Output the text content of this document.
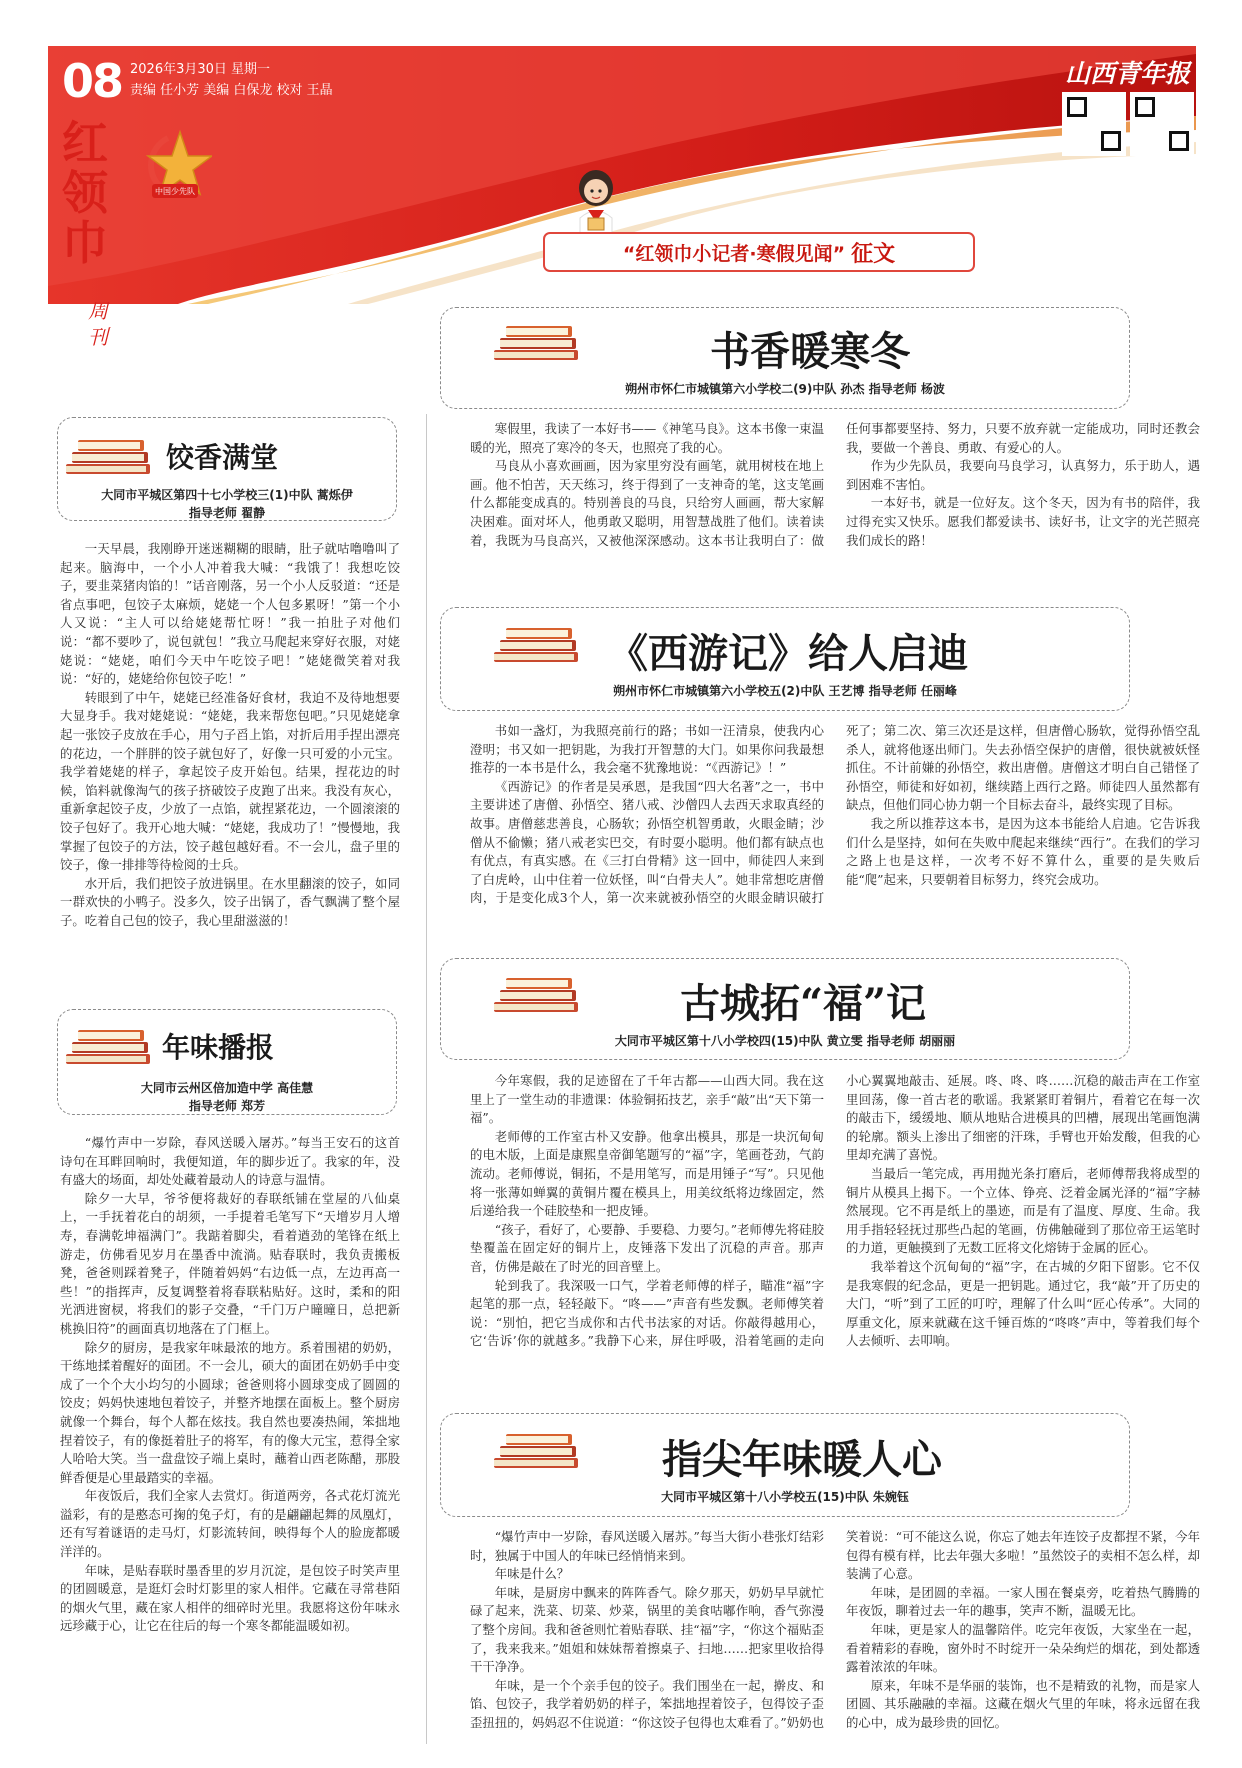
08 2026年3月30日 星期一
责编 任小芳 美编 白保龙 校对 王晶
红
领
巾
周
刊
中国少先队
山西青年报
“红领巾小记者·寒假见闻” 征文
饺香满堂
大同市平城区第四十七小学校三(1)中队 蒿烁伊
指导老师 翟静

一天早晨，我刚睁开迷迷糊糊的眼睛，肚子就咕噜噜叫了起来。脑海中，一个小人冲着我大喊：“我饿了！我想吃饺子，要韭菜猪肉馅的！”话音刚落，另一个小人反驳道：“还是省点事吧，包饺子太麻烦，姥姥一个人包多累呀！”第一个小人又说：“主人可以给姥姥帮忙呀！”我一拍肚子对他们说：“都不要吵了，说包就包！”我立马爬起来穿好衣服，对姥姥说：“姥姥，咱们今天中午吃饺子吧！”姥姥微笑着对我说：“好的，姥姥给你包饺子吃！”

转眼到了中午，姥姥已经准备好食材，我迫不及待地想要大显身手。我对姥姥说：“姥姥，我来帮您包吧。”只见姥姥拿起一张饺子皮放在手心，用勺子舀上馅，对折后用手捏出漂亮的花边，一个胖胖的饺子就包好了，好像一只可爱的小元宝。我学着姥姥的样子，拿起饺子皮开始包。结果，捏花边的时候，馅料就像淘气的孩子挤破饺子皮跑了出来。我没有灰心，重新拿起饺子皮，少放了一点馅，就捏紧花边，一个圆滚滚的饺子包好了。我开心地大喊：“姥姥，我成功了！”慢慢地，我掌握了包饺子的方法，饺子越包越好看。不一会儿，盘子里的饺子，像一排排等待检阅的士兵。

水开后，我们把饺子放进锅里。在水里翻滚的饺子，如同一群欢快的小鸭子。没多久，饺子出锅了，香气飘满了整个屋子。吃着自己包的饺子，我心里甜滋滋的！

年味播报
大同市云州区倍加造中学 高佳慧
指导老师 郑芳

“爆竹声中一岁除，春风送暖入屠苏。”每当王安石的这首诗句在耳畔回响时，我便知道，年的脚步近了。我家的年，没有盛大的场面，却处处藏着最动人的诗意与温情。

除夕一大早，爷爷便将裁好的春联纸铺在堂屋的八仙桌上，一手抚着花白的胡须，一手提着毛笔写下“天增岁月人增寿，春满乾坤福满门”。我踮着脚尖，看着遒劲的笔锋在纸上游走，仿佛看见岁月在墨香中流淌。贴春联时，我负责搬板凳，爸爸则踩着凳子，伴随着妈妈“右边低一点，左边再高一些！”的指挥声，反复调整着将春联粘贴好。这时，柔和的阳光洒进窗棂，将我们的影子交叠，“千门万户曈曈日，总把新桃换旧符”的画面真切地落在了门框上。

除夕的厨房，是我家年味最浓的地方。系着围裙的奶奶，干练地揉着醒好的面团。不一会儿，硕大的面团在奶奶手中变成了一个个大小均匀的小圆球；爸爸则将小圆球变成了圆圆的饺皮；妈妈快速地包着饺子，并整齐地摆在面板上。整个厨房就像一个舞台，每个人都在炫技。我自然也要凑热闹，笨拙地捏着饺子，有的像挺着肚子的将军，有的像大元宝，惹得全家人哈哈大笑。当一盘盘饺子端上桌时，蘸着山西老陈醋，那股鲜香便是心里最踏实的幸福。

年夜饭后，我们全家人去赏灯。街道两旁，各式花灯流光溢彩，有的是憨态可掬的兔子灯，有的是翩翩起舞的凤凰灯，还有写着谜语的走马灯，灯影流转间，映得每个人的脸庞都暖洋洋的。

年味，是贴春联时墨香里的岁月沉淀，是包饺子时笑声里的团圆暖意，是逛灯会时灯影里的家人相伴。它藏在寻常巷陌的烟火气里，藏在家人相伴的细碎时光里。我愿将这份年味永远珍藏于心，让它在往后的每一个寒冬都能温暖如初。

书香暖寒冬
朔州市怀仁市城镇第六小学校二(9)中队 孙杰 指导老师 杨波

寒假里，我读了一本好书——《神笔马良》。这本书像一束温暖的光，照亮了寒冷的冬天，也照亮了我的心。

马良从小喜欢画画，因为家里穷没有画笔，就用树枝在地上画。他不怕苦，天天练习，终于得到了一支神奇的笔，这支笔画什么都能变成真的。特别善良的马良，只给穷人画画，帮大家解决困难。面对坏人，他勇敢又聪明，用智慧战胜了他们。读着读着，我既为马良高兴，又被他深深感动。这本书让我明白了：做任何事都要坚持、努力，只要不放弃就一定能成功，同时还教会我，要做一个善良、勇敢、有爱心的人。

作为少先队员，我要向马良学习，认真努力，乐于助人，遇到困难不害怕。

一本好书，就是一位好友。这个冬天，因为有书的陪伴，我过得充实又快乐。愿我们都爱读书、读好书，让文字的光芒照亮我们成长的路！

《西游记》给人启迪
朔州市怀仁市城镇第六小学校五(2)中队 王艺博 指导老师 任丽峰

书如一盏灯，为我照亮前行的路；书如一汪清泉，使我内心澄明；书又如一把钥匙，为我打开智慧的大门。如果你问我最想推荐的一本书是什么，我会毫不犹豫地说：“《西游记》！”

《西游记》的作者是吴承恩，是我国“四大名著”之一，书中主要讲述了唐僧、孙悟空、猪八戒、沙僧四人去西天求取真经的故事。唐僧慈悲善良，心肠软；孙悟空机智勇敢，火眼金睛；沙僧从不偷懒；猪八戒老实巴交，有时耍小聪明。他们都有缺点也有优点，有真实感。在《三打白骨精》这一回中，师徒四人来到了白虎岭，山中住着一位妖怪，叫“白骨夫人”。她非常想吃唐僧肉，于是变化成3个人，第一次来就被孙悟空的火眼金睛识破打死了；第二次、第三次还是这样，但唐僧心肠软，觉得孙悟空乱杀人，就将他逐出师门。失去孙悟空保护的唐僧，很快就被妖怪抓住。不计前嫌的孙悟空，救出唐僧。唐僧这才明白自己错怪了孙悟空，师徒和好如初，继续踏上西行之路。师徒四人虽然都有缺点，但他们同心协力朝一个目标去奋斗，最终实现了目标。

我之所以推荐这本书，是因为这本书能给人启迪。它告诉我们什么是坚持，如何在失败中爬起来继续“西行”。在我们的学习之路上也是这样，一次考不好不算什么，重要的是失败后能“爬”起来，只要朝着目标努力，终究会成功。

古城拓“福”记
大同市平城区第十八小学校四(15)中队 黄立雯 指导老师 胡丽丽

今年寒假，我的足迹留在了千年古都——山西大同。我在这里上了一堂生动的非遗课：体验铜拓技艺，亲手“敲”出“天下第一福”。

老师傅的工作室古朴又安静。他拿出模具，那是一块沉甸甸的电木版，上面是康熙皇帝御笔题写的“福”字，笔画苍劲，气韵流动。老师傅说，铜拓，不是用笔写，而是用锤子“写”。只见他将一张薄如蝉翼的黄铜片覆在模具上，用美纹纸将边缘固定，然后递给我一个硅胶垫和一把皮锤。

“孩子，看好了，心要静、手要稳、力要匀。”老师傅先将硅胶垫覆盖在固定好的铜片上，皮锤落下发出了沉稳的声音。那声音，仿佛是敲在了时光的回音壁上。

轮到我了。我深吸一口气，学着老师傅的样子，瞄准“福”字起笔的那一点，轻轻敲下。“咚——”声音有些发飘。老师傅笑着说：“别怕，把它当成你和古代书法家的对话。你敲得越用心，它‘告诉’你的就越多。”我静下心来，屏住呼吸，沿着笔画的走向小心翼翼地敲击、延展。咚、咚、咚……沉稳的敲击声在工作室里回荡，像一首古老的歌谣。我紧紧盯着铜片，看着它在每一次的敲击下，缓缓地、顺从地贴合进模具的凹槽，展现出笔画饱满的轮廓。额头上渗出了细密的汗珠，手臂也开始发酸，但我的心里却充满了喜悦。

当最后一笔完成，再用抛光条打磨后，老师傅帮我将成型的铜片从模具上揭下。一个立体、铮亮、泛着金属光泽的“福”字赫然展现。它不再是纸上的墨迹，而是有了温度、厚度、生命。我用手指轻轻抚过那些凸起的笔画，仿佛触碰到了那位帝王运笔时的力道，更触摸到了无数工匠将文化熔铸于金属的匠心。

我举着这个沉甸甸的“福”字，在古城的夕阳下留影。它不仅是我寒假的纪念品，更是一把钥匙。通过它，我“敲”开了历史的大门，“听”到了工匠的叮咛，理解了什么叫“匠心传承”。大同的厚重文化，原来就藏在这千锤百炼的“咚咚”声中，等着我们每个人去倾听、去叩响。

指尖年味暖人心
大同市平城区第十八小学校五(15)中队 朱婉钰

“爆竹声中一岁除，春风送暖入屠苏。”每当大街小巷张灯结彩时，独属于中国人的年味已经悄悄来到。

年味是什么？

年味，是厨房中飘来的阵阵香气。除夕那天，奶奶早早就忙碌了起来，洗菜、切菜、炒菜，锅里的美食咕嘟作响，香气弥漫了整个房间。我和爸爸则忙着贴春联、挂“福”字，“你这个福贴歪了，我来我来。”姐姐和妹妹帮着擦桌子、扫地……把家里收拾得干干净净。

年味，是一个个亲手包的饺子。我们围坐在一起，擀皮、和馅、包饺子，我学着奶奶的样子，笨拙地捏着饺子，包得饺子歪歪扭扭的，妈妈忍不住说道：“你这饺子包得也太难看了。”奶奶也笑着说：“可不能这么说，你忘了她去年连饺子皮都捏不紧，今年包得有模有样，比去年强大多啦！”虽然饺子的卖相不怎么样，却装满了心意。

年味，是团圆的幸福。一家人围在餐桌旁，吃着热气腾腾的年夜饭，聊着过去一年的趣事，笑声不断，温暖无比。

年味，更是家人的温馨陪伴。吃完年夜饭，大家坐在一起，看着精彩的春晚，窗外时不时绽开一朵朵绚烂的烟花，到处都透露着浓浓的年味。

原来，年味不是华丽的装饰，也不是精致的礼物，而是家人团圆、其乐融融的幸福。这藏在烟火气里的年味，将永远留在我的心中，成为最珍贵的回忆。
